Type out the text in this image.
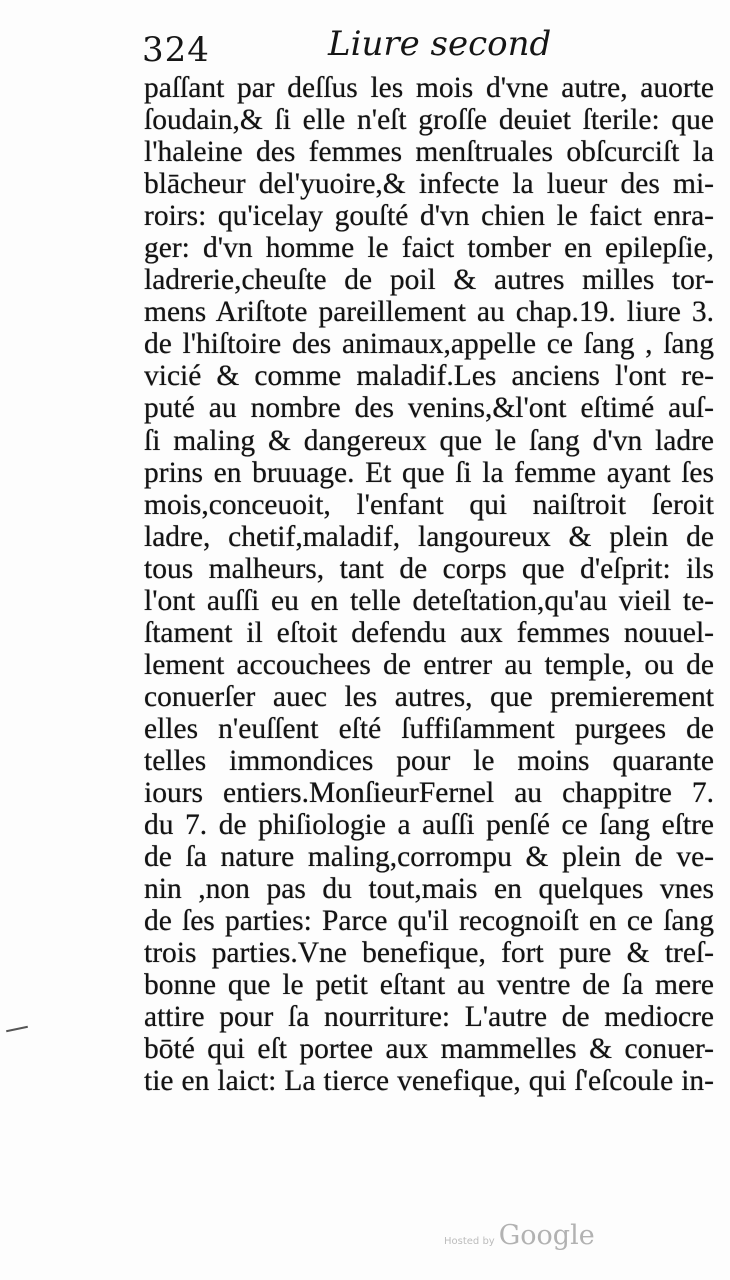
324	Liure second
paſſant par deſſus les mois d'vne autre, auorte
ſoudain,& ſi elle n'eſt groſſe deuiet ſterile: que
l'haleine des femmes menſtruales obſcurciſt la
blācheur del'yuoire,& infecte la lueur des mi-
roirs: qu'icelay gouſté d'vn chien le faict enra-
ger: d'vn homme le faict tomber en epilepſie,
ladrerie,cheuſte de poil & autres milles tor-
mens Ariſtote pareillement au chap.19. liure 3.
de l'hiſtoire des animaux,appelle ce ſang , ſang
vicié & comme maladif.Les anciens l'ont re-
puté au nombre des venins,&l'ont eſtimé auſ-
ſi maling & dangereux que le ſang d'vn ladre
prins en bruuage. Et que ſi la femme ayant ſes
mois,conceuoit, l'enfant qui naiſtroit ſeroit
ladre, chetif,maladif, langoureux & plein de
tous malheurs, tant de corps que d'eſprit: ils
l'ont auſſi eu en telle deteſtation,qu'au vieil te-
ſtament il eſtoit defendu aux femmes nouuel-
lement accouchees de entrer au temple, ou de
conuerſer auec les autres, que premierement
elles n'euſſent eſté ſuffiſamment purgees de
telles immondices pour le moins quarante
iours entiers.MonſieurFernel au chappitre 7.
du 7. de phiſiologie a auſſi penſé ce ſang eſtre
de ſa nature maling,corrompu & plein de ve-
nin ,non pas du tout,mais en quelques vnes
de ſes parties: Parce qu'il recognoiſt en ce ſang
trois parties.Vne benefique, fort pure & treſ-
bonne que le petit eſtant au ventre de ſa mere
attire pour ſa nourriture: L'autre de mediocre
bōté qui eſt portee aux mammelles & conuer-
tie en laict: La tierce venefique, qui ſ'eſcoule in-
Hosted by Google
